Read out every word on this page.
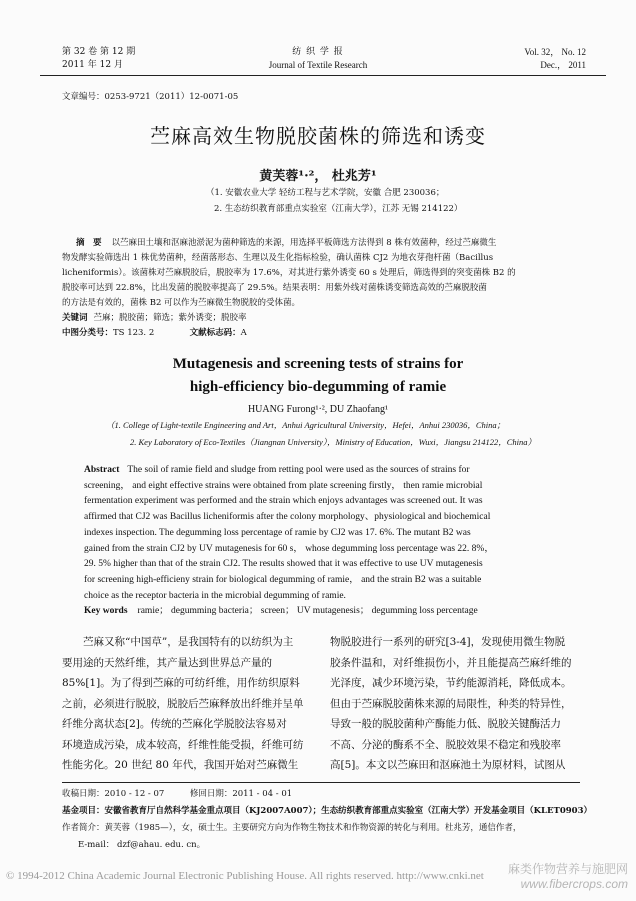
第 32 卷 第 12 期
2011 年 12 月
纺 织 学 报
Journal of Textile Research
Vol. 32， No. 12
Dec.， 2011
文章编号：0253-9721（2011）12-0071-05
苎麻高效生物脱胶菌株的筛选和诱变
黄芙蓉¹·²， 杜兆芳¹
（1. 安徽农业大学 轻纺工程与艺术学院，安徽 合肥 230036；
2. 生态纺织教育部重点实验室（江南大学），江苏 无锡 214122）
摘　要 以苎麻田土壤和沤麻池淤泥为菌种筛选的来源，用选择平板筛选方法得到 8 株有效菌种，经过苎麻微生
物发酵实验筛选出 1 株优势菌种，经菌落形态、生理以及生化指标检验，确认菌株 CJ2 为地衣芽孢杆菌（Bacillus
licheniformis）。该菌株对苎麻脱胶后，脱胶率为 17.6%，对其进行紫外诱变 60 s 处理后，筛选得到的突变菌株 B2 的
脱胶率可达到 22.8%，比出发菌的脱胶率提高了 29.5%。结果表明：用紫外线对菌株诱变筛选高效的苎麻脱胶菌
的方法是有效的，菌株 B2 可以作为苎麻微生物脱胶的受体菌。
关键词 苎麻；脱胶菌；筛选；紫外诱变；脱胶率
中图分类号：TS 123. 2	文献标志码：A
Mutagenesis and screening tests of strains for
high-efficiency bio-degumming of ramie
HUANG Furong¹·², DU Zhaofang¹
（1. College of Light-textile Engineering and Art，Anhui Agricultural University，Hefei，Anhui 230036，China；
2. Key Laboratory of Eco-Textiles（Jiangnan University），Ministry of Education，Wuxi，Jiangsu 214122，China）
Abstract The soil of ramie field and sludge from retting pool were used as the sources of strains for
screening， and eight effective strains were obtained from plate screening firstly， then ramie microbial
fermentation experiment was performed and the strain which enjoys advantages was screened out. It was
affirmed that CJ2 was Bacillus licheniformis after the colony morphology、physiological and biochemical
indexes inspection. The degumming loss percentage of ramie by CJ2 was 17. 6%. The mutant B2 was
gained from the strain CJ2 by UV mutagenesis for 60 s， whose degumming loss percentage was 22. 8%，
29. 5% higher than that of the strain CJ2. The results showed that it was effective to use UV mutagenesis
for screening high-efficieny strain for biological degumming of ramie， and the strain B2 was a suitable
choice as the receptor bacteria in the microbial degumming of ramie.
Key words ramie； degumming bacteria； screen； UV mutagenesis； degumming loss percentage
　　苎麻又称“中国草”，是我国特有的以纺织为主
要用途的天然纤维，其产量达到世界总产量的
85%[1]。为了得到苎麻的可纺纤维，用作纺织原料
之前，必须进行脱胶，脱胶后苎麻释放出纤维并呈单
纤维分离状态[2]。传统的苎麻化学脱胶法容易对
环境造成污染，成本较高，纤维性能受损，纤维可纺
性能劣化。20 世纪 80 年代，我国开始对苎麻微生
物脱胶进行一系列的研究[3-4]，发现使用微生物脱
胶条件温和，对纤维损伤小，并且能提高苎麻纤维的
光泽度，减少环境污染，节约能源消耗，降低成本。
但由于苎麻脱胶菌株来源的局限性，种类的特异性，
导致一般的脱胶菌种产酶能力低、脱胶关键酶活力
不高、分泌的酶系不全、脱胶效果不稳定和残胶率
高[5]。本文以苎麻田和沤麻池土为原材料，试图从
收稿日期：2010 - 12 - 07　　　修回日期：2011 - 04 - 01
基金项目：安徽省教育厅自然科学基金重点项目（KJ2007A007）；生态纺织教育部重点实验室（江南大学）开发基金项目（KLET0903）
作者简介：黄芙蓉（1985—），女，硕士生。主要研究方向为作物生物技术和作物资源的转化与利用。杜兆芳，通信作者，
E-mail： dzf@ahau. edu. cn。
© 1994-2012 China Academic Journal Electronic Publishing House. All rights reserved. http://www.cnki.net 麻类作物营养与施肥网
www.fibercrops.com
